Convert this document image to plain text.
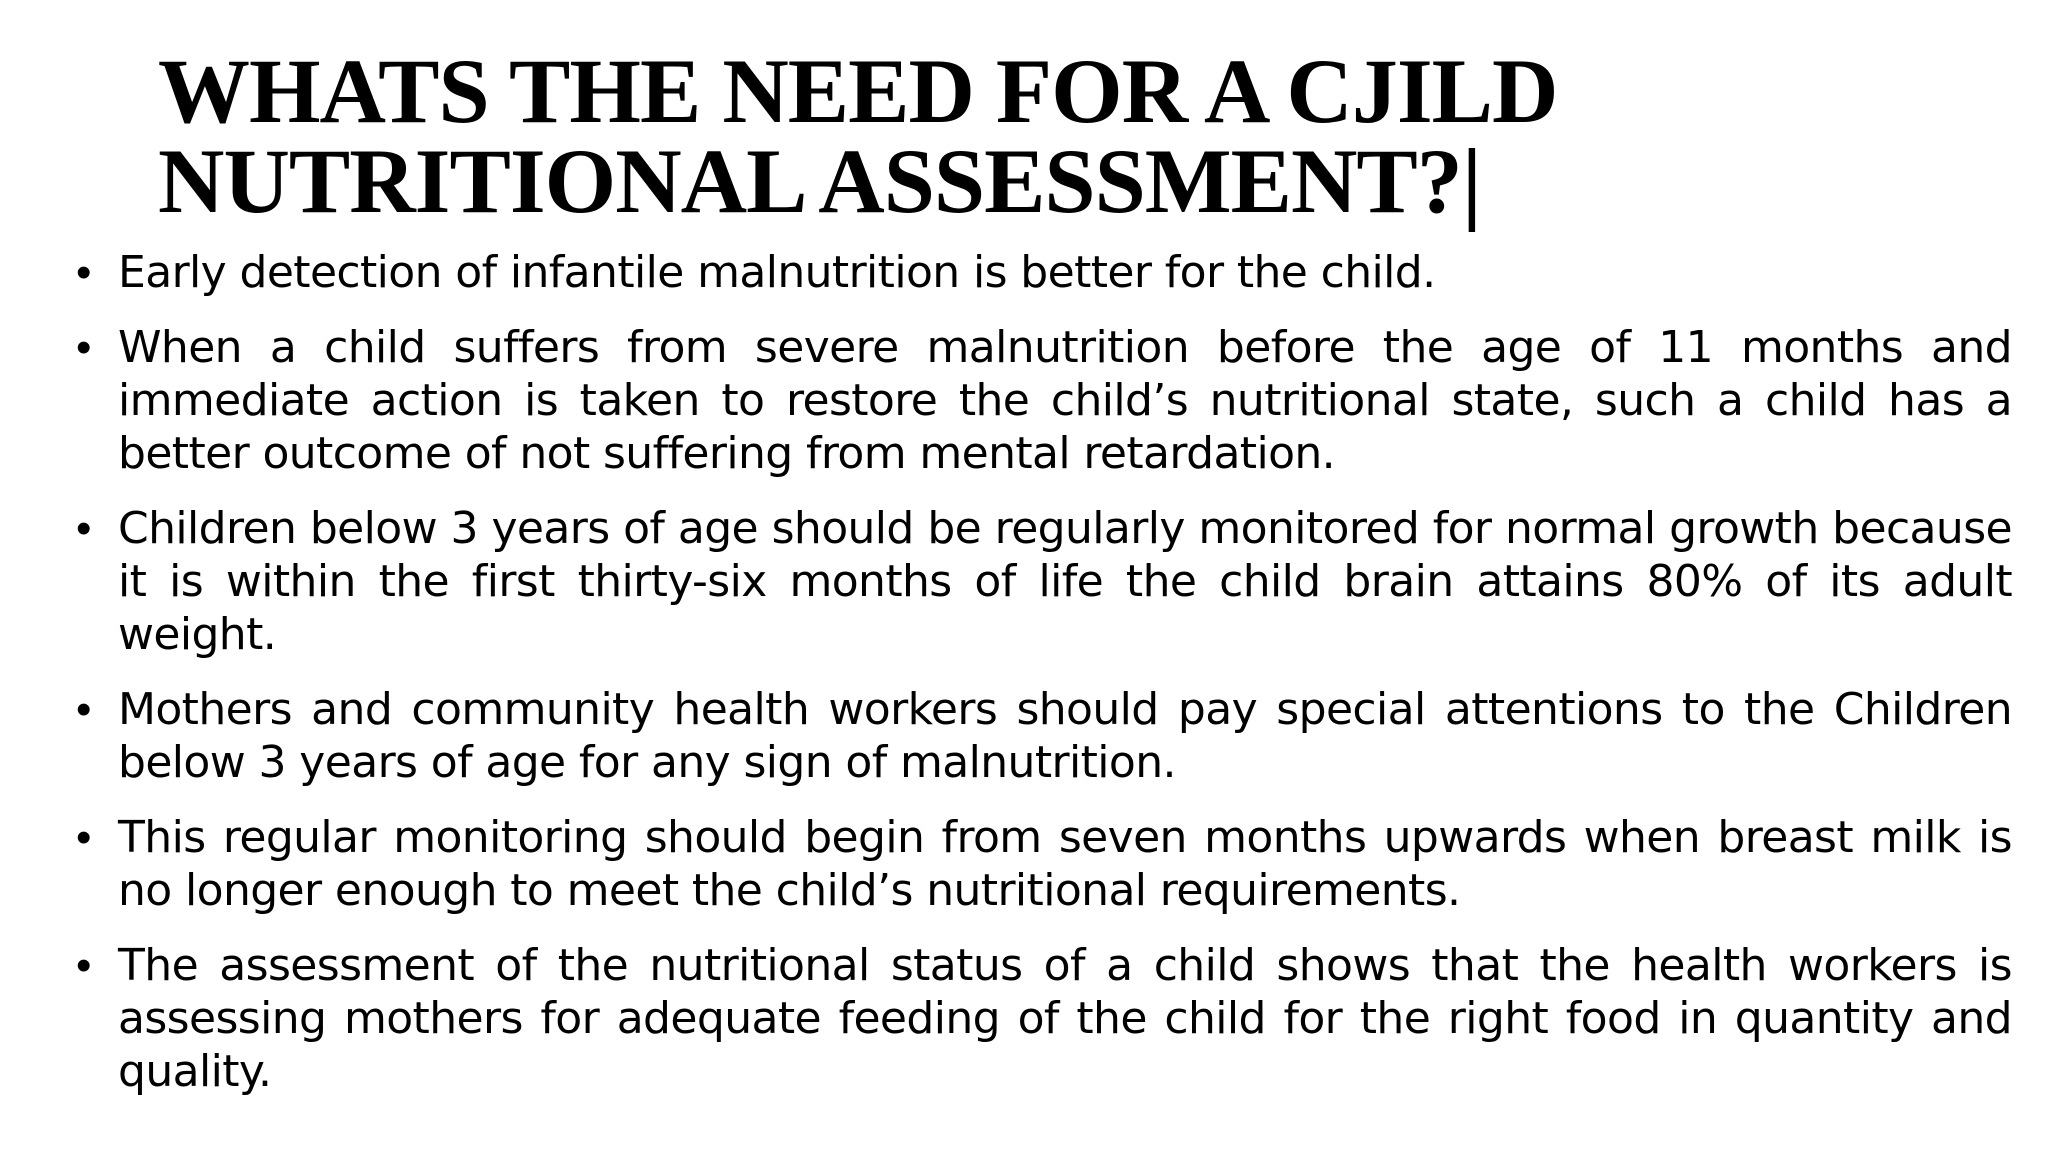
WHATS THE NEED FOR A CJILD
NUTRITIONAL ASSESSMENT?|
• Early detection of infantile malnutrition is better for the child.
• When a child suffers from severe malnutrition before the age of 11 months and immediate action is taken to restore the child’s nutritional state, such a child has a better outcome of not suffering from mental retardation.
• Children below 3 years of age should be regularly monitored for normal growth because it is within the first thirty-six months of life the child brain attains 80% of its adult weight.
• Mothers and community health workers should pay special attentions to the Children below 3 years of age for any sign of malnutrition.
• This regular monitoring should begin from seven months upwards when breast milk is no longer enough to meet the child’s nutritional requirements.
• The assessment of the nutritional status of a child shows that the health workers is assessing mothers for adequate feeding of the child for the right food in quantity and quality.
